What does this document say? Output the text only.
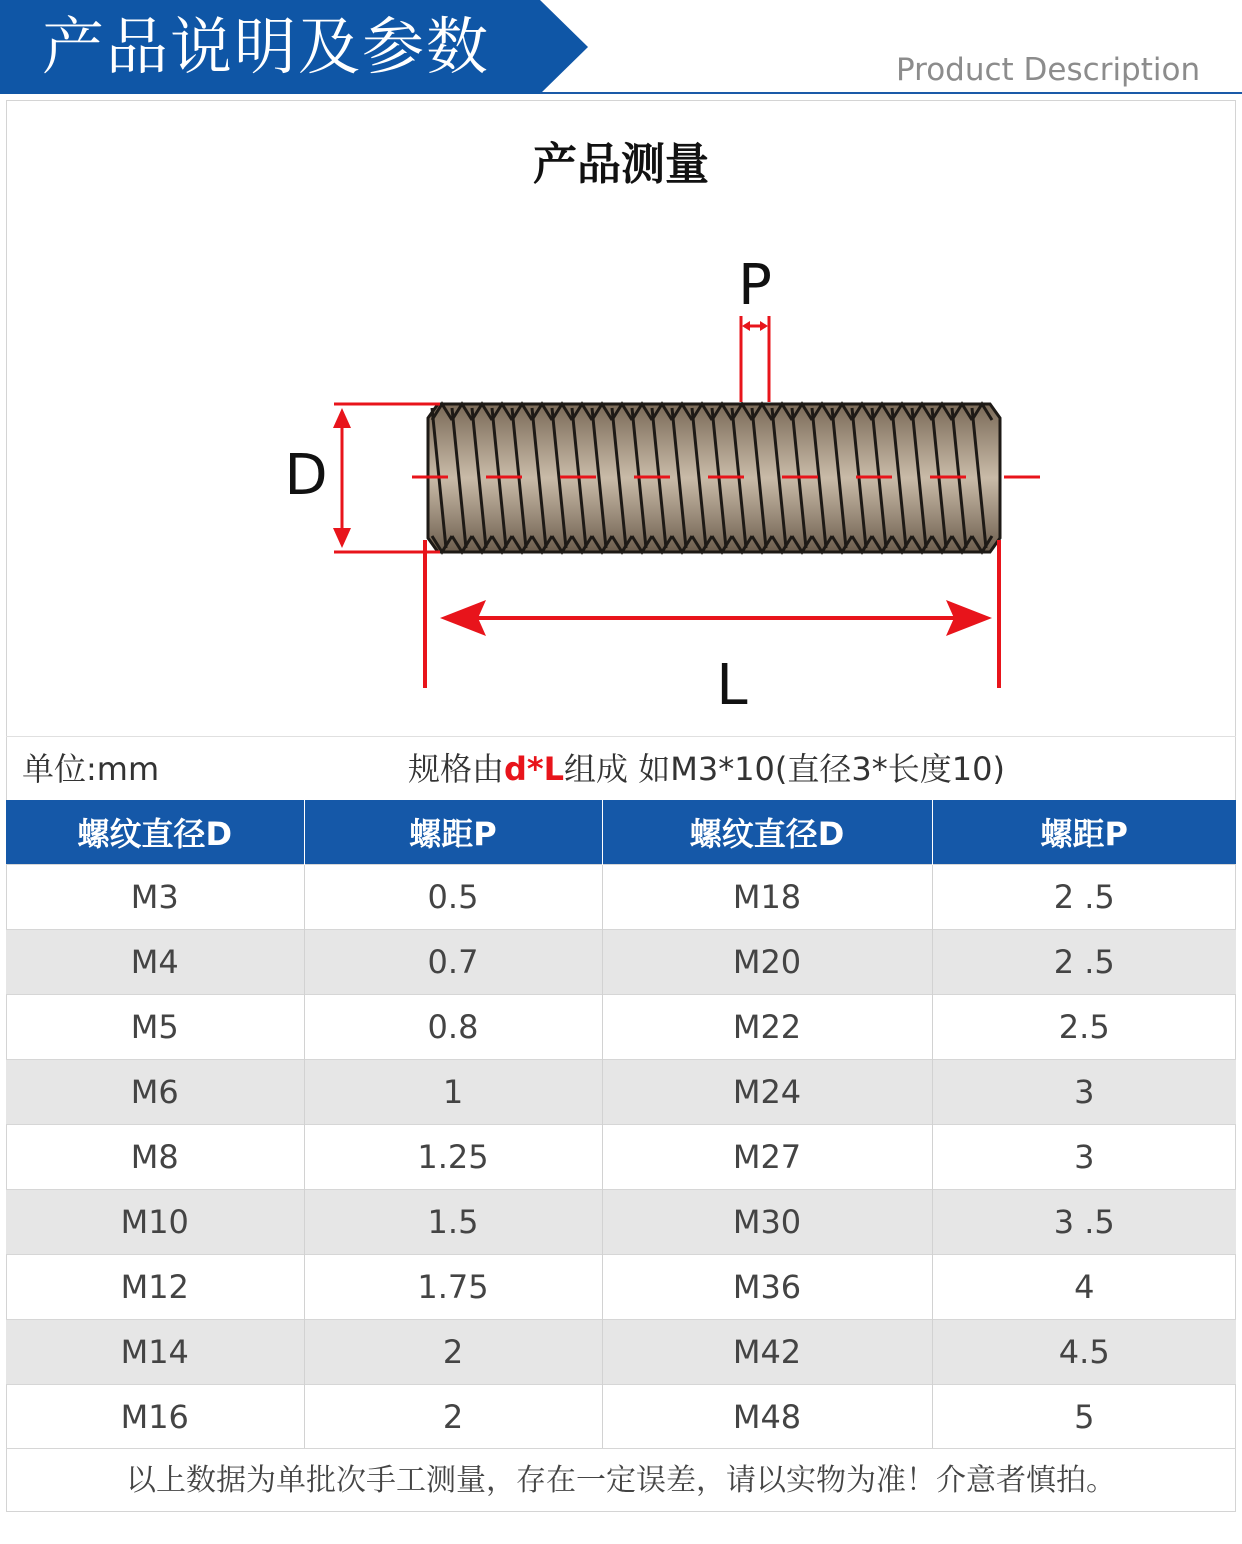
产品说明及参数	Product Description
产品测量
D
P
L
单位:mm	规格由d*L组成 如M3*10(直径3*长度10)
螺纹直径D	螺距P	螺纹直径D	螺距P
M3	0.5	M18	2 .5
M4	0.7	M20	2 .5
M5	0.8	M22	2.5
M6	1	M24	3
M8	1.25	M27	3
M10	1.5	M30	3 .5
M12	1.75	M36	4
M14	2	M42	4.5
M16	2	M48	5
以上数据为单批次手工测量，存在一定误差，请以实物为准！介意者慎拍。
